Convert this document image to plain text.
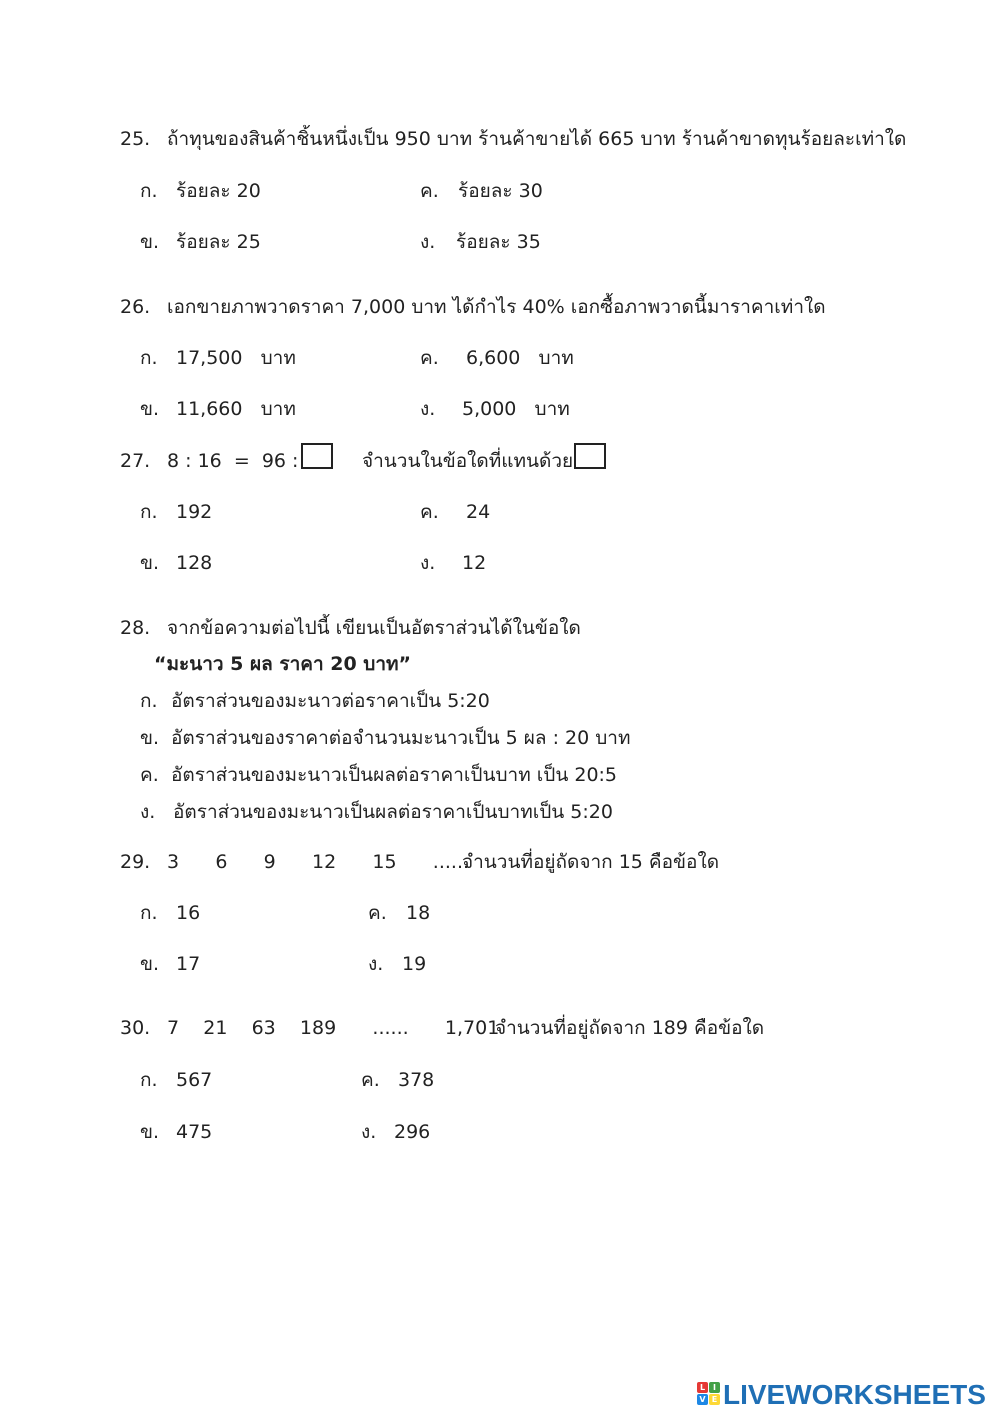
25. ถ้าทุนของสินค้าชิ้นหนึ่งเป็น 950 บาท ร้านค้าขายได้ 665 บาท ร้านค้าขาดทุนร้อยละเท่าใด
ก. ร้อยละ 20	ค. ร้อยละ 30
ข. ร้อยละ 25	ง. ร้อยละ 35
26. เอกขายภาพวาดราคา 7,000 บาท ได้กำไร 40% เอกซื้อภาพวาดนี้มาราคาเท่าใด
ก. 17,500   บาท	ค. 6,600   บาท
ข. 11,660   บาท	ง. 5,000   บาท
27. 8 : 16  =  96 :	จำนวนในข้อใดที่แทนด้วย
ก. 192	ค. 24
ข. 128	ง. 12
28. จากข้อความต่อไปนี้ เขียนเป็นอัตราส่วนได้ในข้อใด
“มะนาว 5 ผล ราคา 20 บาท”
ก. อัตราส่วนของมะนาวต่อราคาเป็น 5:20
ข. อัตราส่วนของราคาต่อจำนวนมะนาวเป็น 5 ผล : 20 บาท
ค. อัตราส่วนของมะนาวเป็นผลต่อราคาเป็นบาท เป็น 20:5
ง. อัตราส่วนของมะนาวเป็นผลต่อราคาเป็นบาทเป็น 5:20
29. 3      6      9      12      15      ......
จำนวนที่อยู่ถัดจาก 15 คือข้อใด
ก. 16	ค. 18
ข. 17	ง. 19
30. 7    21    63    189      ......      1,701
จำนวนที่อยู่ถัดจาก 189 คือข้อใด
ก. 567	ค. 378
ข. 475	ง. 296
L I
V E LIVEWORKSHEETS
